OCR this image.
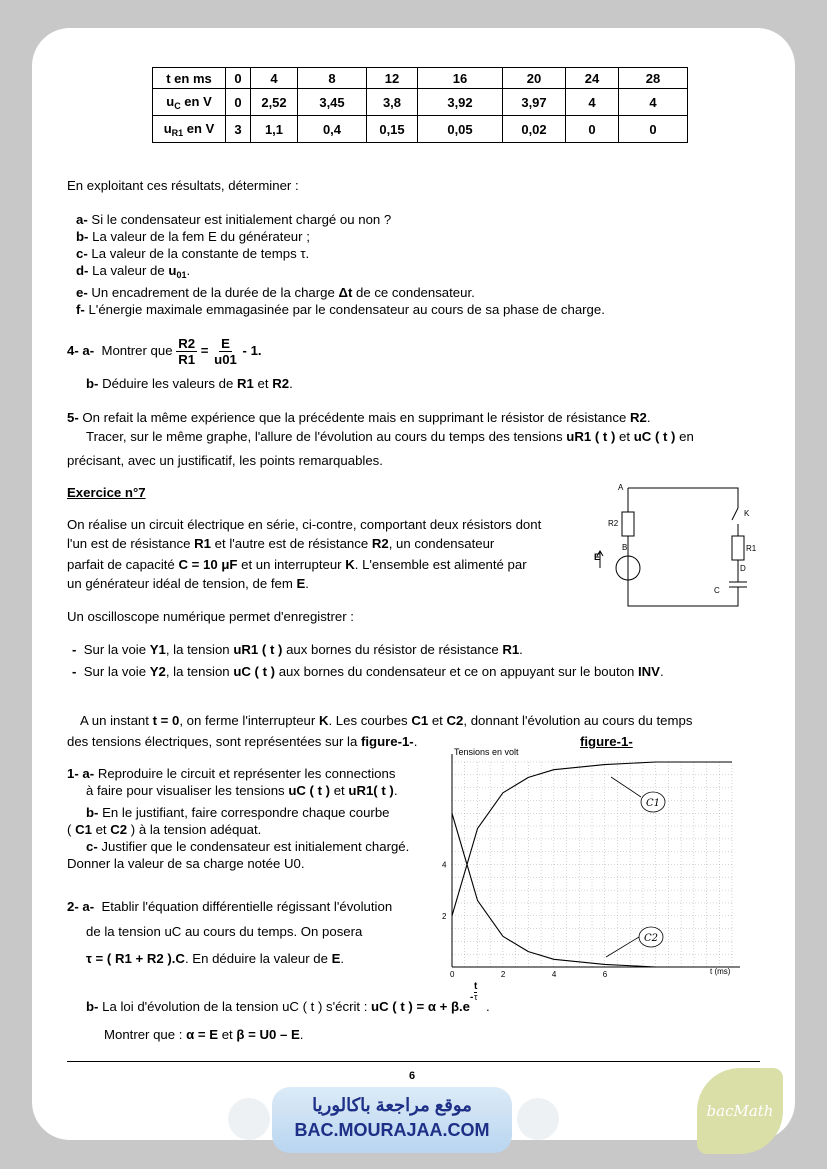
t en ms	0	4	8	12	16	20	24	28
$u_C$ en V	0	2,52	3,45	3,8	3,92	3,97	4	4
$u_{R1}$ en V	3	1,1	0,4	0,15	0,05	0,02	0	0
En exploitant ces résultats, déterminer :
a- Si le condensateur est initialement chargé ou non ?
b- La valeur de la fem E du générateur ;
c- La valeur de la constante de temps τ.
d- La valeur de $u_{01}$.
e- Un encadrement de la durée de la charge Δt de ce condensateur.
f- L'énergie maximale emmagasinée par le condensateur au cours de sa phase de charge.
4- a- Montrer que $\frac{R2}{R1} = \frac{E}{u01} - 1$.
b- Déduire les valeurs de R1 et R2.
5- On refait la même expérience que la précédente mais en supprimant le résistor de résistance R2.
Tracer, sur le même graphe, l'allure de l'évolution au cours du temps des tensions uR1 ( t ) et uC ( t ) en
précisant, avec un justificatif, les points remarquables.
Exercice n°7
On réalise un circuit électrique en série, ci-contre, comportant deux résistors dont
l'un est de résistance R1 et l'autre est de résistance R2, un condensateur
parfait de capacité C = 10 μF et un interrupteur K. L'ensemble est alimenté par
un générateur idéal de tension, de fem E.
Un oscilloscope numérique permet d'enregistrer :
- Sur la voie Y1, la tension uR1 ( t ) aux bornes du résistor de résistance R1.
- Sur la voie Y2, la tension uC ( t ) aux bornes du condensateur et ce on appuyant sur le bouton INV.
A un instant t = 0, on ferme l'interrupteur K. Les courbes C1 et C2, donnant l'évolution au cours du temps
des tensions électriques, sont représentées sur la figure-1-.	figure-1-
A
B
K
R2
R1
E
D
C
1- a- Reproduire le circuit et représenter les connections
à faire pour visualiser les tensions uC ( t ) et uR1( t ).
b- En le justifiant, faire correspondre chaque courbe
( C1 et C2 ) à la tension adéquat.
c- Justifier que le condensateur est initialement chargé.
Donner la valeur de sa charge notée U0.
2- a- Etablir l'équation différentielle régissant l'évolution
de la tension uC au cours du temps. On posera
τ = ( R1 + R2 ).C. En déduire la valeur de E.
b- La loi d'évolution de la tension uC ( t ) s'écrit : uC ( t ) = α + β.e
-
t
τ
.
Montrer que : α = E et β = U0 – E.
Tensions en volt
t (ms)
0	2	4	6
2
4
C1
C2
6
موقع مراجعة باكالوريا
BAC.MOURAJAA.COM
bacMath
